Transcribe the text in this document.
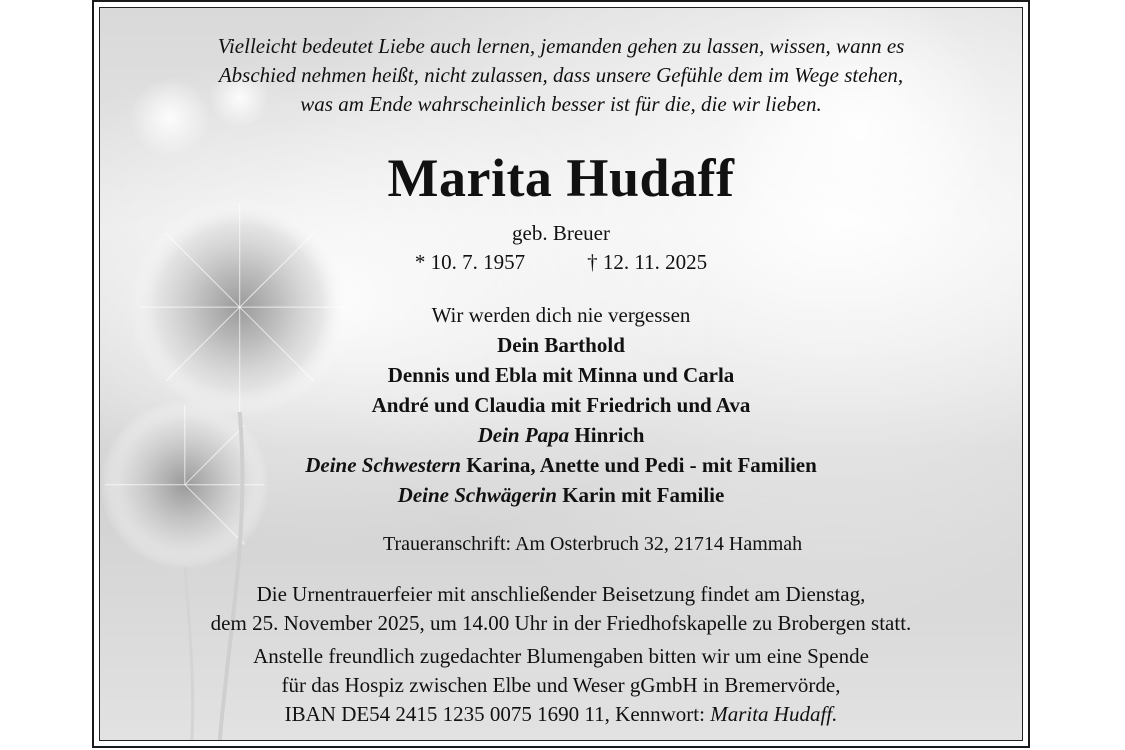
Vielleicht bedeutet Liebe auch lernen, jemanden gehen zu lassen, wissen, wann es
Abschied nehmen heißt, nicht zulassen, dass unsere Gefühle dem im Wege stehen,
was am Ende wahrscheinlich besser ist für die, die wir lieben.
Marita Hudaff
geb. Breuer
* 10. 7. 1957	† 12. 11. 2025
Wir werden dich nie vergessen
Dein Barthold
Dennis und Ebla mit Minna und Carla
André und Claudia mit Friedrich und Ava
Dein Papa Hinrich
Deine Schwestern Karina, Anette und Pedi - mit Familien
Deine Schwägerin Karin mit Familie
Traueranschrift: Am Osterbruch 32, 21714 Hammah
Die Urnentrauerfeier mit anschließender Beisetzung findet am Dienstag,
dem 25. November 2025, um 14.00 Uhr in der Friedhofskapelle zu Brobergen statt.
Anstelle freundlich zugedachter Blumengaben bitten wir um eine Spende
für das Hospiz zwischen Elbe und Weser gGmbH in Bremervörde,
IBAN DE54 2415 1235 0075 1690 11, Kennwort: Marita Hudaff.
